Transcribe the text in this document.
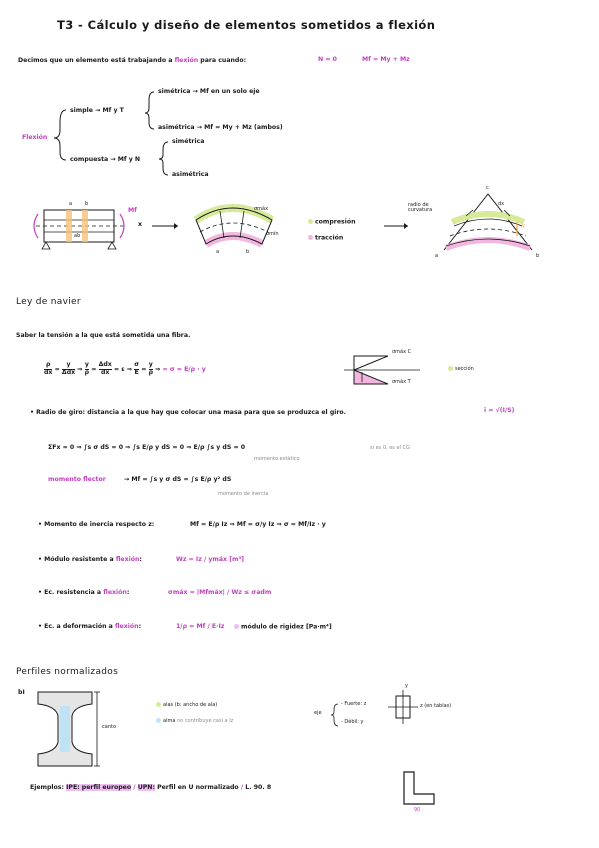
T3 - Cálculo y diseño de elementos sometidos a flexión
Decimos que un elemento está trabajando a flexión para cuando:	N = 0	Mf = My + Mz
Flexión
simple → Mf y T
simétrica → Mf en un solo eje
asimétrica → Mf = My + Mz (ambos)
compuesta → Mf y N
simétrica
asimétrica
a	b
Mf
x
ab
σmáx
σmín
a	b
compresión
tracción
radio de curvatura
c
dx
y
a	b
Ley de navier
Saber la tensión a la que está sometida una fibra.
$\frac{\rho}{dx} = \frac{y}{\text{Δdx}}$ ⇒ $\frac{y}{\rho} = \frac{\text{Δdx}}{dx} = \varepsilon$ ⇒ $\frac{\sigma}{E} = \frac{y}{\rho}$ ⇒ = σ = E/ρ · y
σmáx C
σmáx T
sección
• Radio de giro: distancia a la que hay que colocar una masa para que se produzca el giro.	i = √(I/S)
ΣFx = 0 ⇒ ∫s σ dS = 0 ⇒ ∫s E/ρ y dS = 0 ⇒ E/ρ ∫s y dS = 0
momento estático
si es 0, es el CG
momento flector	→ Mf = ∫s y σ dS = ∫s E/ρ y² dS
momento de inercia
• Momento de inercia respecto z:	Mf = E/ρ Iz ⇒ Mf = σ/y Iz ⇒ σ = Mf/Iz · y
• Módulo resistente a flexión:	Wz = Iz / ymáx [m³]
• Ec. resistencia a flexión:	σmáx = |Mfmáx| / Wz ≤ σadm
• Ec. a deformación a flexión:	1/ρ = Mf / E·Iz	módulo de rigidez [Pa·m⁴]
Perfiles normalizados
bI
canto
alas (b: ancho de ala)
alma no contribuye casi a Iz
eje
- Fuerte: z
- Débil: y
y
z (en tablas)
Ejemplos: IPE: perfil europeo / UPN: Perfil en U normalizado / L. 90. 8
90
